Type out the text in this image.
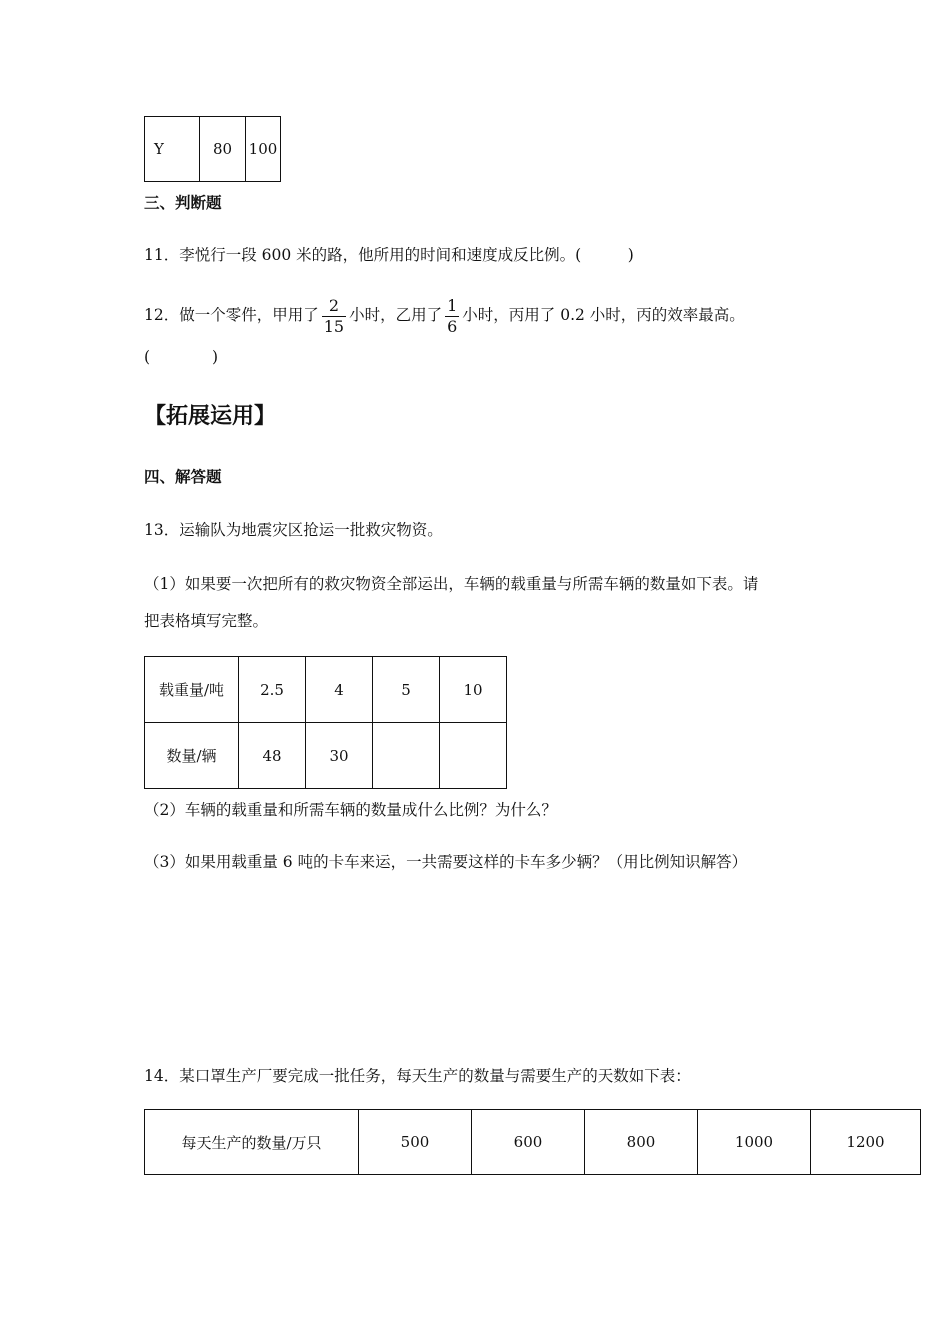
Y	80	100
三、判断题
11．李悦行一段 600 米的路，他所用的时间和速度成反比例。(　　　)
12．做一个零件，甲用了 $\frac{2}{15}$ 小时，乙用了 $\frac{1}{6}$ 小时，丙用了 0.2 小时，丙的效率最高。
(　　　　)
【拓展运用】
四、解答题
13．运输队为地震灾区抢运一批救灾物资。
（1）如果要一次把所有的救灾物资全部运出，车辆的载重量与所需车辆的数量如下表。请
把表格填写完整。
载重量/吨	2.5	4	5	10
数量/辆	48	30		
（2）车辆的载重量和所需车辆的数量成什么比例？为什么？
（3）如果用载重量 6 吨的卡车来运，一共需要这样的卡车多少辆？（用比例知识解答）
14．某口罩生产厂要完成一批任务，每天生产的数量与需要生产的天数如下表：
每天生产的数量/万只	500	600	800	1000	1200
